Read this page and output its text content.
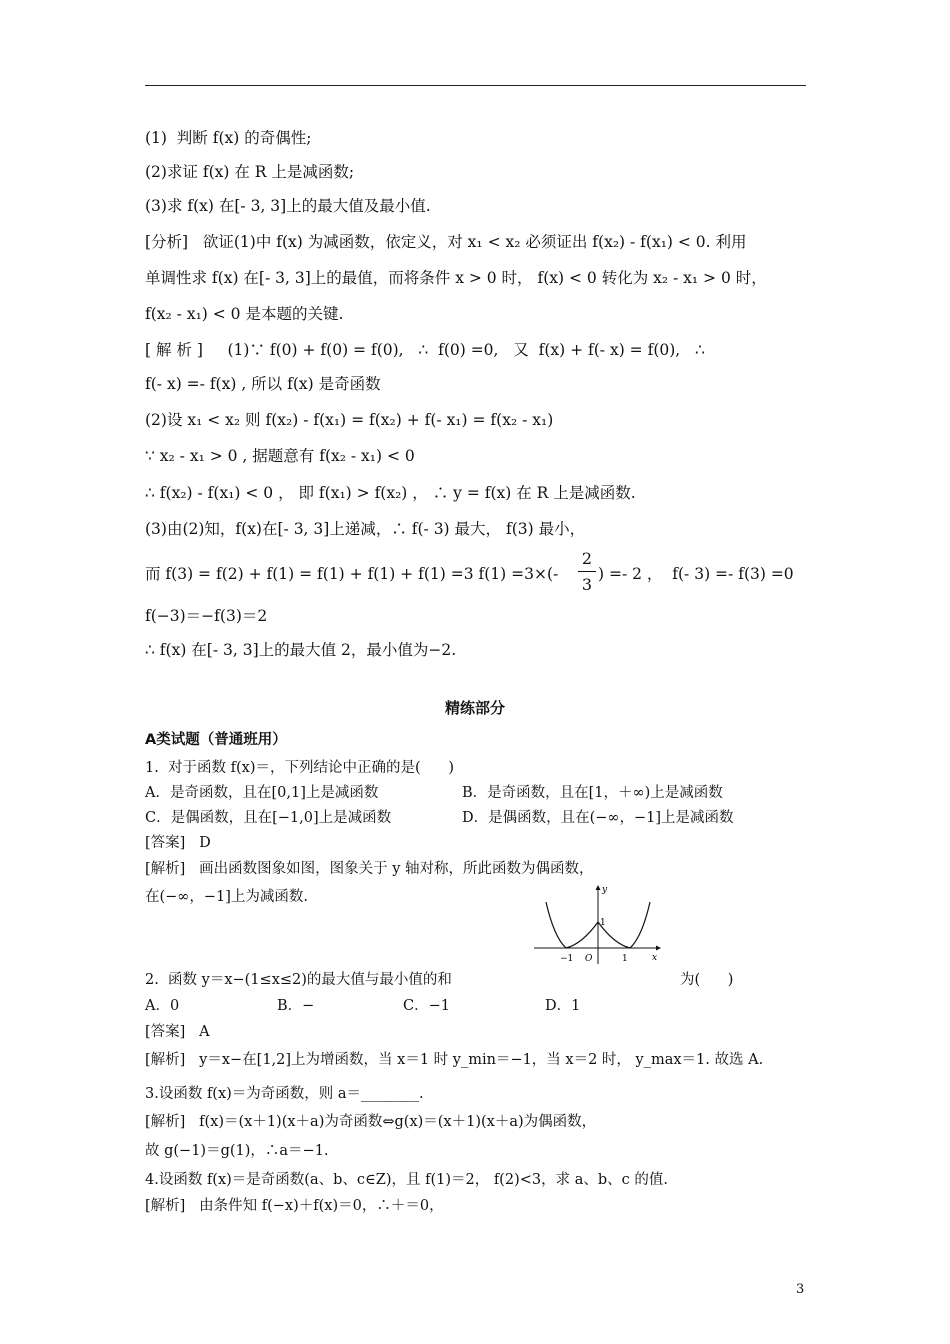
(1)  判断 f(x) 的奇偶性;
(2)求证 f(x) 在 R 上是减函数;
(3)求 f(x) 在[- 3, 3]上的最大值及最小值.
[分析]   欲证(1)中 f(x) 为减函数，依定义，对 x₁ < x₂ 必须证出 f(x₂) - f(x₁) < 0. 利用
单调性求 f(x) 在[- 3, 3]上的最值，而将条件 x > 0 时， f(x) < 0 转化为 x₂ - x₁ > 0 时，
f(x₂ - x₁) < 0 是本题的关键.
[ 解 析 ]     (1)∵ f(0) + f(0) = f(0),   ∴  f(0) =0,   又  f(x) + f(- x) = f(0),   ∴
f(- x) =- f(x) , 所以 f(x) 是奇函数
(2)设 x₁ < x₂ 则 f(x₂) - f(x₁) = f(x₂) + f(- x₁) = f(x₂ - x₁)
∵ x₂ - x₁ > 0 , 据题意有 f(x₂ - x₁) < 0
∴ f(x₂) - f(x₁) < 0 ， 即 f(x₁) > f(x₂) ， ∴ y = f(x) 在 R 上是减函数.
(3)由(2)知，f(x)在[- 3, 3]上递减，∴ f(- 3) 最大， f(3) 最小，
而 f(3) = f(2) + f(1) = f(1) + f(1) + f(1) =3 f(1) =3×(-
2
3
) =- 2 ，  f(- 3) =- f(3) =0
f(−3)＝−f(3)＝2
∴ f(x) 在[- 3, 3]上的最大值 2，最小值为−2.
精练部分
A类试题（普通班用）
1.  对于函数 f(x)＝，下列结论中正确的是(      )
A．是奇函数，且在[0,1]上是减函数	B．是奇函数，且在[1，＋∞)上是减函数
C．是偶函数，且在[−1,0]上是减函数	D．是偶函数，且在(−∞，−1]上是减函数
[答案]   D
[解析]   画出函数图象如图，图象关于 y 轴对称，所此函数为偶函数，
在(−∞，−1]上为减函数.	y
x
O
1
−1	1
2.  函数 y＝x−(1≤x≤2)的最大值与最小值的和	为(      )
A．0	B．−	C．−1	D．1
[答案]   A
[解析]   y＝x−在[1,2]上为增函数，当 x＝1 时 y_min＝−1，当 x＝2 时， y_max＝1. 故选 A.
3.设函数 f(x)＝为奇函数，则 a＝________.
[解析]   f(x)＝(x＋1)(x＋a)为奇函数⇔g(x)＝(x＋1)(x＋a)为偶函数，
故 g(−1)＝g(1)，∴a＝−1.
4.设函数 f(x)＝是奇函数(a、b、c∈Z)，且 f(1)＝2， f(2)<3，求 a、b、c 的值.
[解析]   由条件知 f(−x)＋f(x)＝0，∴＋＝0，
3
